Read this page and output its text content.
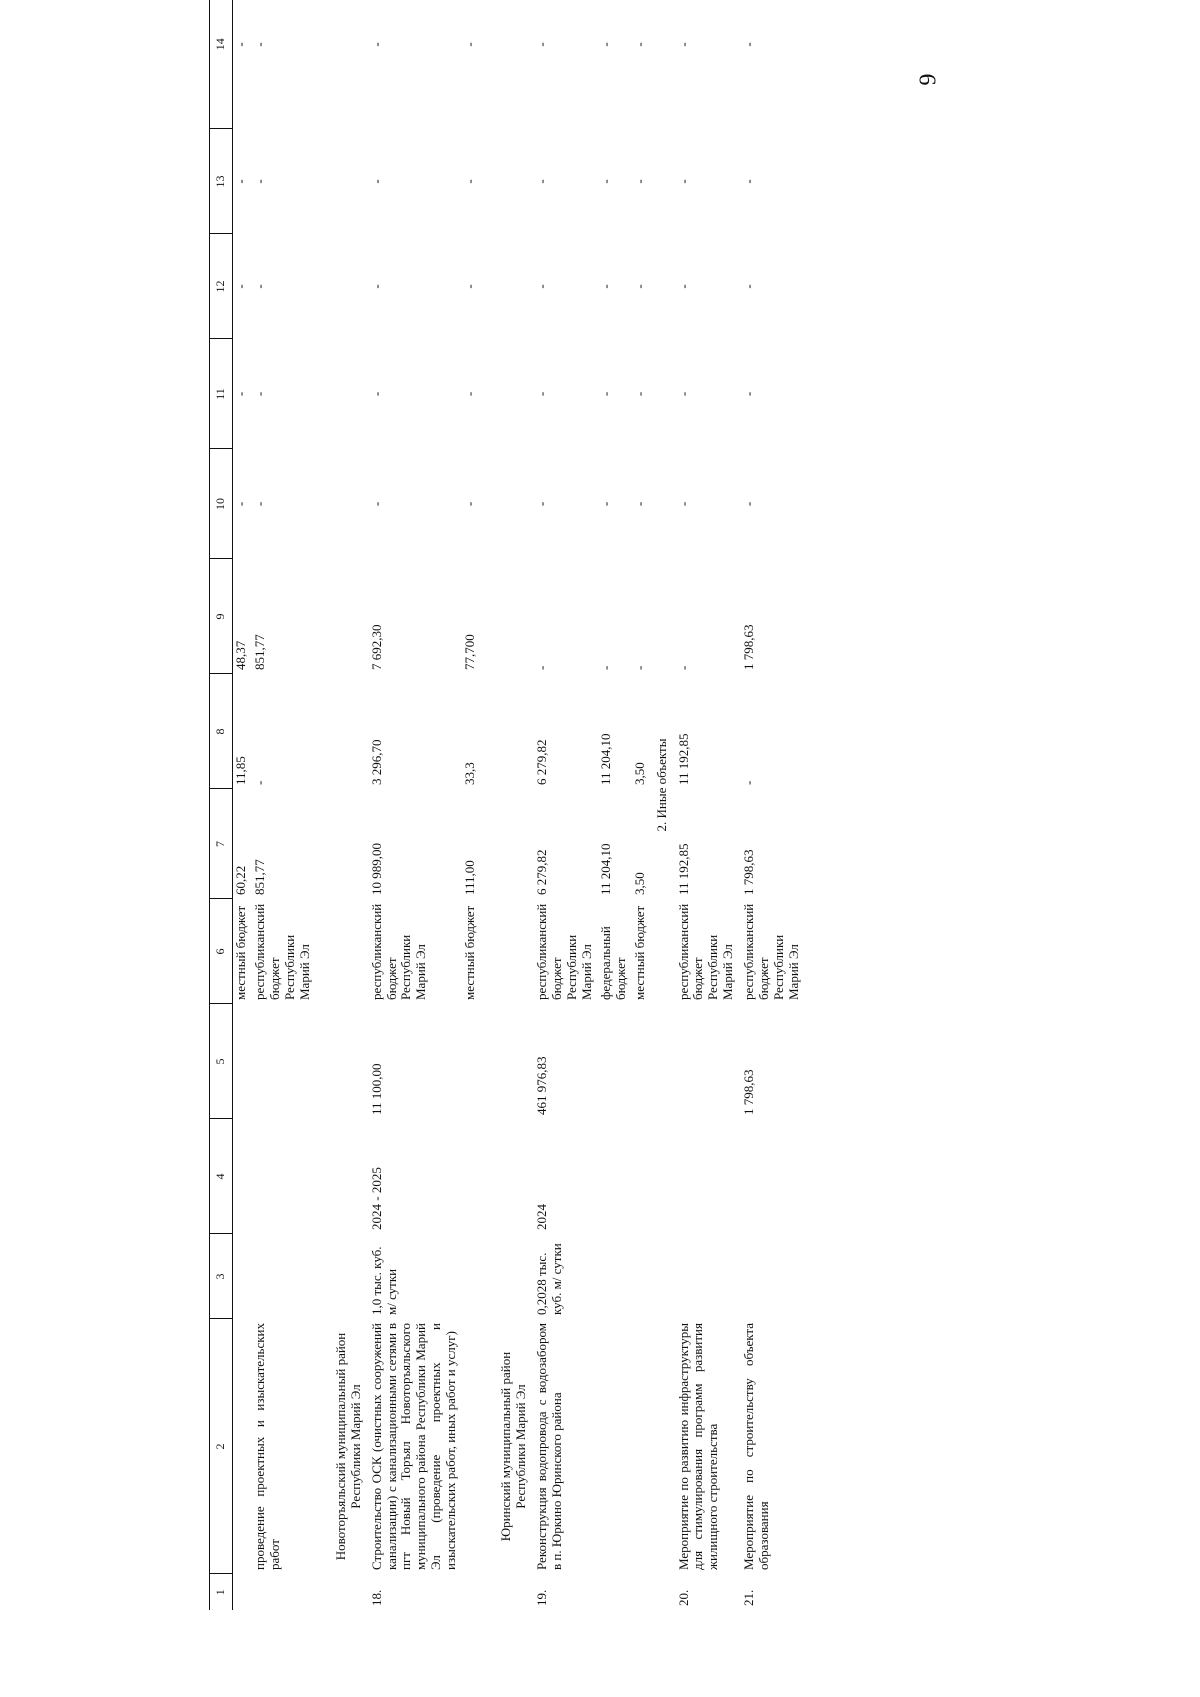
6
1	2	3	4	5	6	7	8	9	10	11	12	13	14
					местный бюджет	60,22	11,85	48,37	-	-	-	-	-
	проведение проектных и изыскательских работ				республиканский бюджет Республики Марий Эл	851,77	-	851,77	-	-	-	-	-
	Новоторъяльский муниципальный район Республики Марий Эл												
18.	Строительство ОСК (очистных сооружений канализации) с канализационными сетями в пгт Новый Торъял Новоторъяльского муниципального района Республики Марий Эл (проведение проектных и изыскательских работ, иных работ и услуг)	1,0 тыс. куб. м/ сутки	2024 - 2025	11 100,00	республиканский бюджет Республики Марий Эл	10 989,00	3 296,70	7 692,30	-	-	-	-	-
					местный бюджет	111,00	33,3	77,700	-	-	-	-	-
	Юринский муниципальный район Республики Марий Эл												
19.	Реконструкция водопровода с водозабором в п. Юркино Юринского района	0,2028 тыс. куб. м/ сутки	2024	461 976,83	республиканский бюджет Республики Марий Эл	6 279,82	6 279,82	-	-	-	-	-	-
					федеральный бюджет	11 204,10	11 204,10	-	-	-	-	-	-
					местный бюджет	3,50	3,50	-	-	-	-	-	-
2. Иные объекты													
20.	Мероприятие по развитию инфраструктуры для стимулирования программ развития жилищного строительства				республиканский бюджет Республики Марий Эл	11 192,85	11 192,85	-	-	-	-	-	-
21.	Мероприятие по строительству объекта образования			1 798,63	республиканский бюджет Республики Марий Эл	1 798,63	-	1 798,63	-	-	-	-	-
